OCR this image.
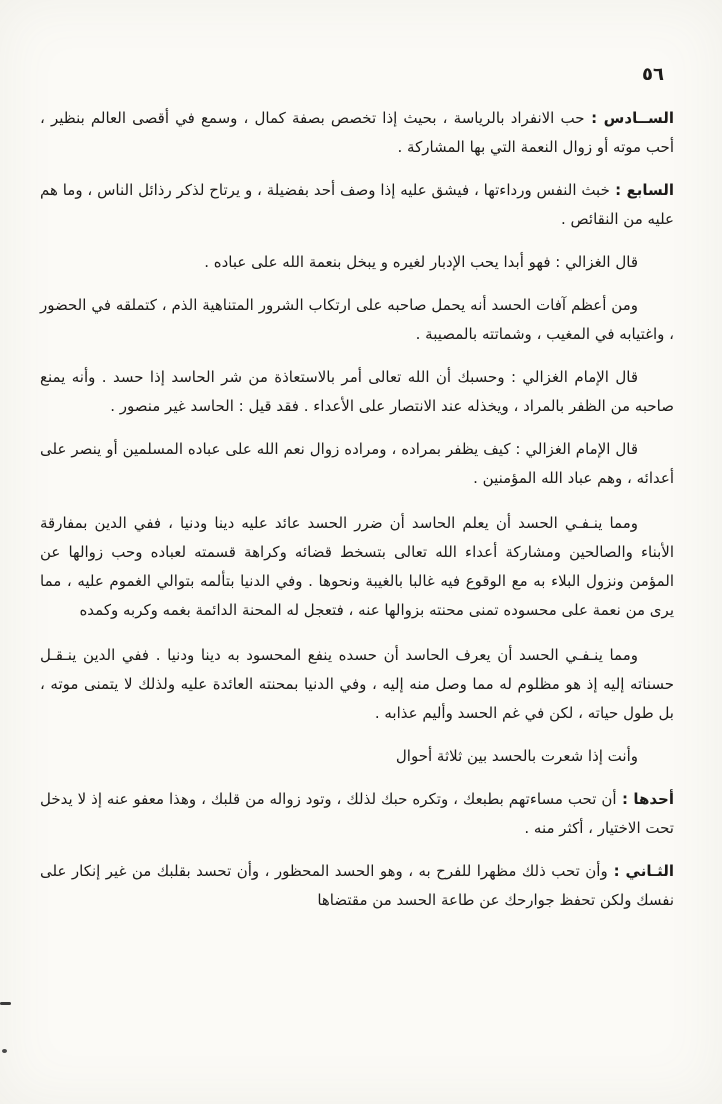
٥٦

الســادس : حب الانفراد بالرياسة ، بحيث إذا تخصص بصفة كمال ، وسمع في أقصى العالم بنظير ، أحب موته أو زوال النعمة التي بها المشاركة .

السابع : خبث النفس ورداءتها ، فيشق عليه إذا وصف أحد بفضيلة ، و يرتاح لذكر رذائل الناس ، وما هم عليه من النقائص .

قال الغزالي : فهو أبدا يحب الإدبار لغيره و يبخل بنعمة الله على عباده .

ومن أعظم آفات الحسد أنه يحمل صاحبه على ارتكاب الشرور المتناهية الذم ، كتملقه في الحضور ، واغتيابه في المغيب ، وشماتته بالمصيبة .

قال الإمام الغزالي : وحسبك أن الله تعالى أمر بالاستعاذة من شر الحاسد إذا حسد . وأنه يمنع صاحبه من الظفر بالمراد ، ويخذله عند الانتصار على الأعداء . فقد قيل : الحاسد غير منصور .

قال الإمام الغزالي : كيف يظفر بمراده ، ومراده زوال نعم الله على عباده المسلمين أو ينصر على أعدائه ، وهم عباد الله المؤمنين .

ومما ينـفـي الحسد أن يعلم الحاسد أن ضرر الحسد عائد عليه دينا ودنيا ، ففي الدين بمفارقة الأبناء والصالحين ومشاركة أعداء الله تعالى بتسخط قضائه وكراهة قسمته لعباده وحب زوالها عن المؤمن ونزول البلاء به مع الوقوع فيه غالبا بالغيبة ونحوها . وفي الدنيا بتألمه بتوالي الغموم عليه ، مما يرى من نعمة على محسوده تمنى محنته بزوالها عنه ، فتعجل له المحنة الدائمة بغمه وكربه وكمده

ومما ينـفـي الحسد أن يعرف الحاسد أن حسده ينفع المحسود به دينا ودنيا . ففي الدين ينـقـل حسناته إليه إذ هو مظلوم له مما وصل منه إليه ، وفي الدنيا بمحنته العائدة عليه ولذلك لا يتمنى موته ، بل طول حياته ، لكن في غم الحسد وأليم عذابه .

وأنت إذا شعرت بالحسد بين ثلاثة أحوال

أحدها : أن تحب مساءتهم بطبعك ، وتكره حبك لذلك ، وتود زواله من قلبك ، وهذا معفو عنه إذ لا يدخل تحت الاختيار ، أكثر منه .

الثـاني : وأن تحب ذلك مظهرا للفرح به ، وهو الحسد المحظور ، وأن تحسد بقلبك من غير إنكار على نفسك ولكن تحفظ جوارحك عن طاعة الحسد من مقتضاها
